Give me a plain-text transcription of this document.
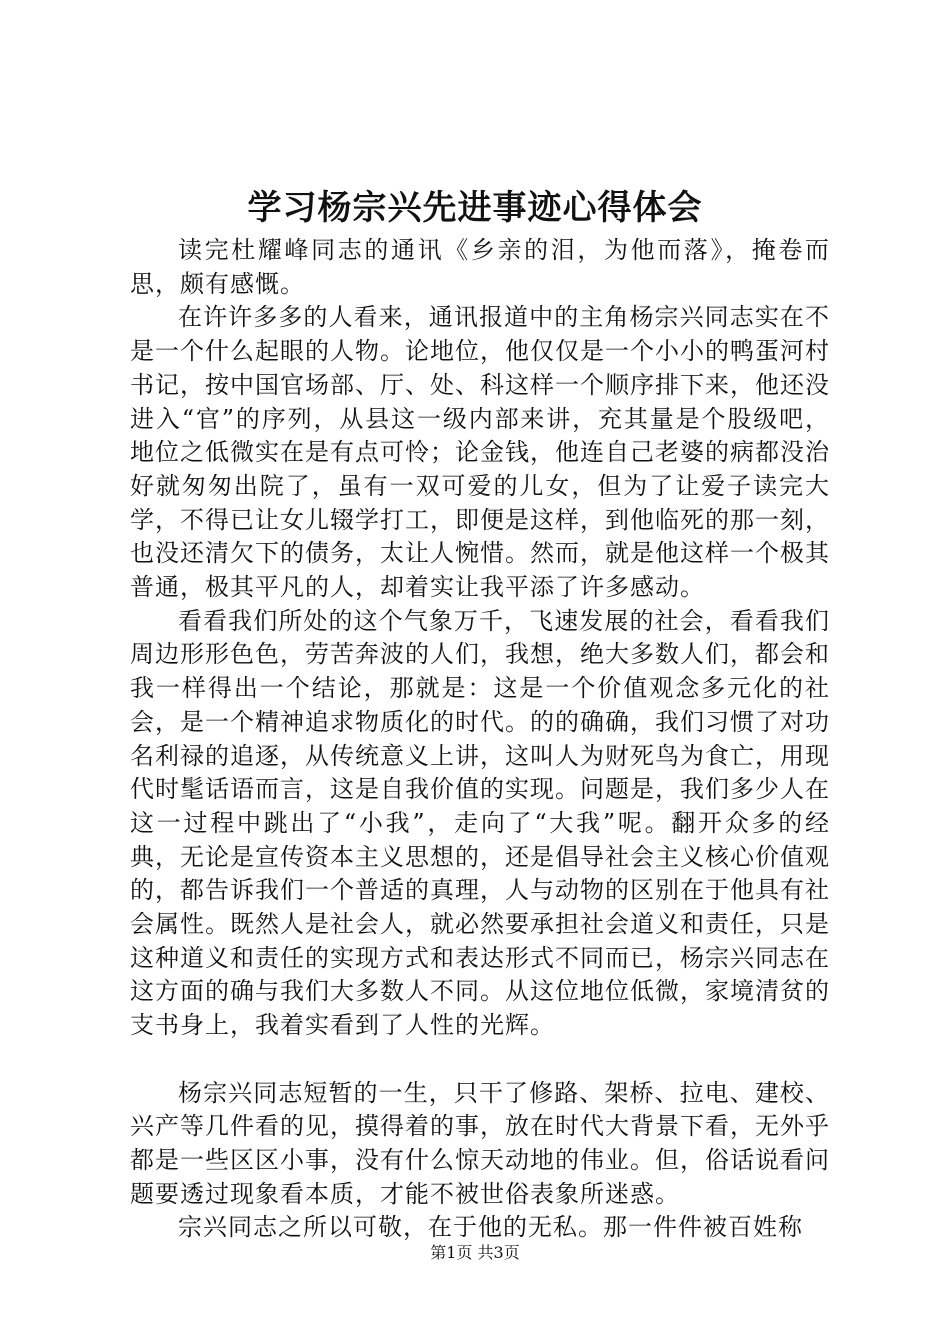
学习杨宗兴先进事迹心得体会

读完杜耀峰同志的通讯《乡亲的泪，为他而落》，掩卷而思，颇有感慨。

在许许多多的人看来，通讯报道中的主角杨宗兴同志实在不是一个什么起眼的人物。论地位，他仅仅是一个小小的鸭蛋河村书记，按中国官场部、厅、处、科这样一个顺序排下来，他还没进入“官”的序列，从县这一级内部来讲，充其量是个股级吧，地位之低微实在是有点可怜；论金钱，他连自己老婆的病都没治好就匆匆出院了，虽有一双可爱的儿女，但为了让爱子读完大学，不得已让女儿辍学打工，即便是这样，到他临死的那一刻，也没还清欠下的债务，太让人惋惜。然而，就是他这样一个极其普通，极其平凡的人，却着实让我平添了许多感动。

看看我们所处的这个气象万千，飞速发展的社会，看看我们周边形形色色，劳苦奔波的人们，我想，绝大多数人们，都会和我一样得出一个结论，那就是：这是一个价值观念多元化的社会，是一个精神追求物质化的时代。的的确确，我们习惯了对功名利禄的追逐，从传统意义上讲，这叫人为财死鸟为食亡，用现代时髦话语而言，这是自我价值的实现。问题是，我们多少人在这一过程中跳出了“小我”，走向了“大我”呢。翻开众多的经典，无论是宣传资本主义思想的，还是倡导社会主义核心价值观的，都告诉我们一个普适的真理，人与动物的区别在于他具有社会属性。既然人是社会人，就必然要承担社会道义和责任，只是这种道义和责任的实现方式和表达形式不同而已，杨宗兴同志在这方面的确与我们大多数人不同。从这位地位低微，家境清贫的支书身上，我着实看到了人性的光辉。

杨宗兴同志短暂的一生，只干了修路、架桥、拉电、建校、兴产等几件看的见，摸得着的事，放在时代大背景下看，无外乎都是一些区区小事，没有什么惊天动地的伟业。但，俗话说看问题要透过现象看本质，才能不被世俗表象所迷惑。

宗兴同志之所以可敬，在于他的无私。那一件件被百姓称

第1页 共3页
